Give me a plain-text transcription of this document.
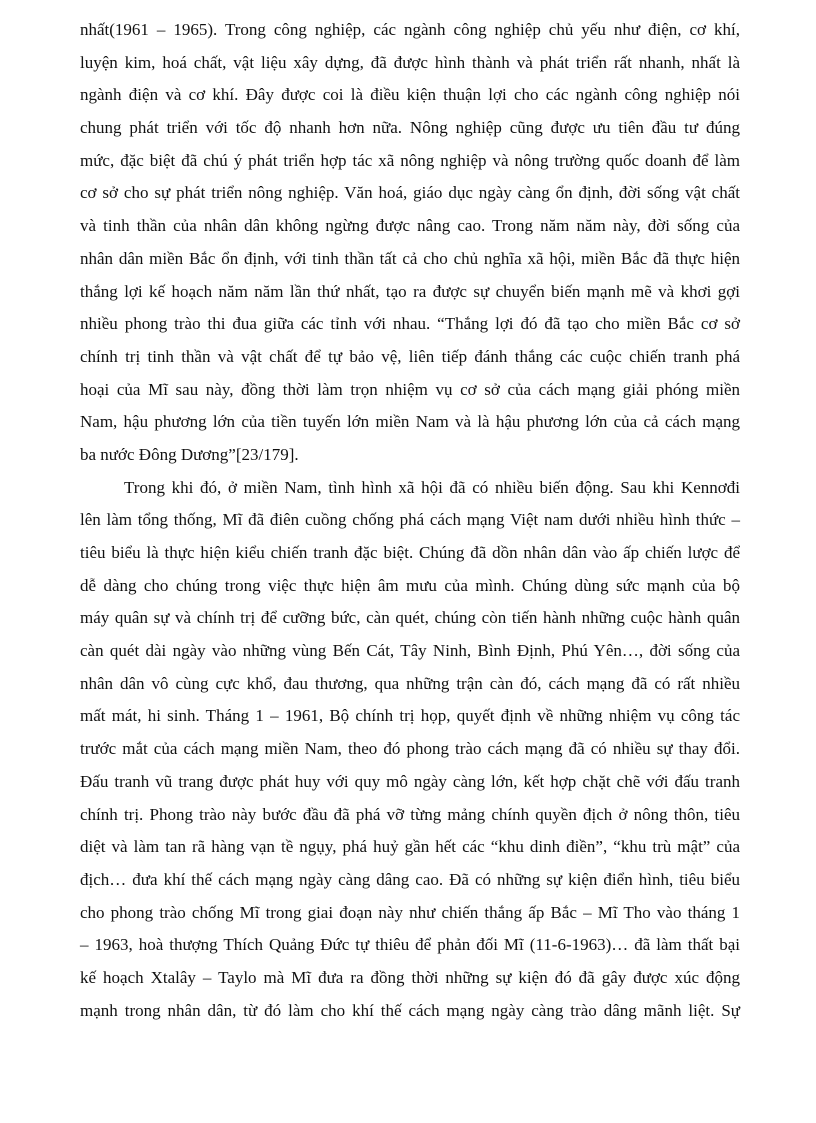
nhất(1961 – 1965). Trong công nghiệp, các ngành công nghiệp chủ yếu như điện, cơ khí,
luyện kim, hoá chất, vật liệu xây dựng, đã được hình thành và phát triển rất nhanh, nhất là
ngành điện và cơ khí. Đây được coi là điều kiện thuận lợi cho các ngành công nghiệp nói
chung phát triển với tốc độ nhanh hơn nữa. Nông nghiệp cũng được ưu tiên đầu tư đúng
mức, đặc biệt đã chú ý phát triển hợp tác xã nông nghiệp và nông trường quốc doanh để làm
cơ sở cho sự phát triển nông nghiệp. Văn hoá, giáo dục ngày càng ổn định, đời sống vật chất
và tinh thần của nhân dân không ngừng được nâng cao. Trong năm năm này, đời sống của
nhân dân miền Bắc ổn định, với tinh thần tất cả cho chủ nghĩa xã hội, miền Bắc đã thực hiện
thắng lợi kế hoạch năm năm lần thứ nhất, tạo ra được sự chuyển biến mạnh mẽ và khơi gợi
nhiều phong trào thi đua giữa các tỉnh với nhau. “Thắng lợi đó đã tạo cho miền Bắc cơ sở
chính trị tinh thần và vật chất để tự bảo vệ, liên tiếp đánh thắng các cuộc chiến tranh phá
hoại của Mĩ sau này, đồng thời làm trọn nhiệm vụ cơ sở của cách mạng giải phóng miền
Nam, hậu phương lớn của tiền tuyến lớn miền Nam và là hậu phương lớn của cả cách mạng
ba nước Đông Dương”[23/179].
Trong khi đó, ở miền Nam, tình hình xã hội đã có nhiều biến động. Sau khi Kennơđi
lên làm tổng thống, Mĩ đã điên cuồng chống phá cách mạng Việt nam dưới nhiều hình thức –
tiêu biểu là thực hiện kiểu chiến tranh đặc biệt. Chúng đã dồn nhân dân vào ấp chiến lược để
dễ dàng cho chúng trong việc thực hiện âm mưu của mình. Chúng dùng sức mạnh của bộ
máy quân sự và chính trị để cưỡng bức, càn quét, chúng còn tiến hành những cuộc hành quân
càn quét dài ngày vào những vùng Bến Cát, Tây Ninh, Bình Định, Phú Yên…, đời sống của
nhân dân vô cùng cực khổ, đau thương, qua những trận càn đó, cách mạng đã có rất nhiều
mất mát, hi sinh. Tháng 1 – 1961, Bộ chính trị họp, quyết định về những nhiệm vụ công tác
trước mắt của cách mạng miền Nam, theo đó phong trào cách mạng đã có nhiều sự thay đổi.
Đấu tranh vũ trang được phát huy với quy mô ngày càng lớn, kết hợp chặt chẽ với đấu tranh
chính trị. Phong trào này bước đầu đã phá vỡ từng mảng chính quyền địch ở nông thôn, tiêu
diệt và làm tan rã hàng vạn tề ngụy, phá huỷ gần hết các “khu dinh điền”, “khu trù mật” của
địch… đưa khí thế cách mạng ngày càng dâng cao. Đã có những sự kiện điển hình, tiêu biểu
cho phong trào chống Mĩ trong giai đoạn này như chiến thắng ấp Bắc – Mĩ Tho vào tháng 1
– 1963, hoà thượng Thích Quảng Đức tự thiêu để phản đối Mĩ (11-6-1963)… đã làm thất bại
kế hoạch Xtalây – Taylo mà Mĩ đưa ra đồng thời những sự kiện đó đã gây được xúc động
mạnh trong nhân dân, từ đó làm cho khí thế cách mạng ngày càng trào dâng mãnh liệt. Sự
